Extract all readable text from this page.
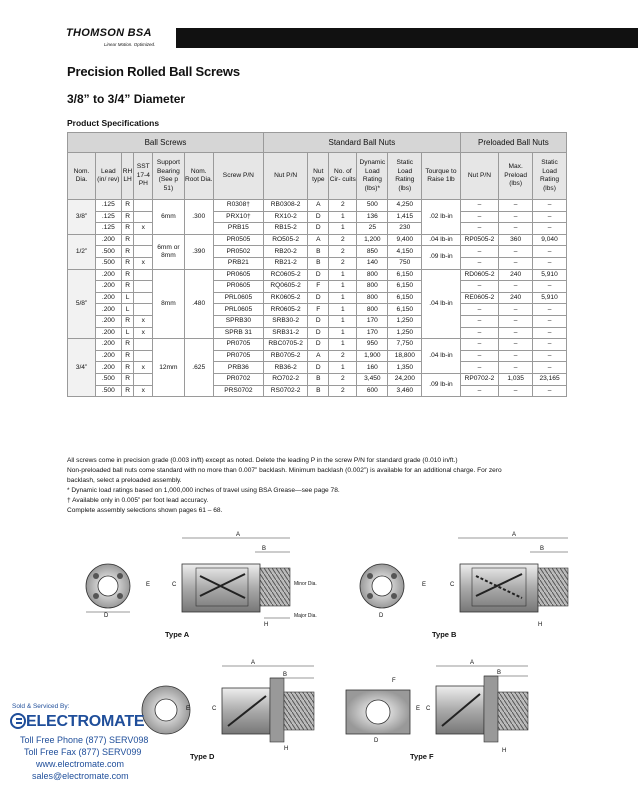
THOMSON BSA
Linear Motion. Optimized.
Precision Rolled Ball Screws
3/8” to 3/4” Diameter
Product Specifications
Ball Screws							Standard Ball Nuts						Preloaded Ball Nuts		
Nom. Dia.	Lead (in/ rev)	RH LH	SST 17-4 PH	Support Bearing (See p 51)	Nom. Root Dia.	Screw P/N	Nut P/N	Nut type	No. of Cir- cuits	Dynamic Load Rating (lbs)*	Static Load Rating (lbs)	Tourque to Raise 1lb	Nut P/N	Max. Preload (lbs)	Static Load Rating (lbs)
3/8”	.125	R		6mm	.300	R0308†	RB0308-2	A	2	500	4,250	.02 lb-in	–	–	–
	.125	R				PRX10†	RX10-2	D	1	136	1,415		–	–	–
	.125	R	x			PRB15	RB15-2	D	1	25	230		–	–	–
1/2”	.200	R		6mm or 8mm	.390	PR0505	RO505-2	A	2	1,200	9,400	.04 lb-in	RP0505-2	360	9,040
	.500	R				PR0502	RB20-2	B	2	850	4,150	.09 lb-in	–	–	–
	.500	R	x			PRB21	RB21-2	B	2	140	750		–	–	–
5/8”	.200	R		8mm	.480	PR0605	RC0605-2	D	1	800	6,150	.04 lb-in	RD0605-2	240	5,910
	.200	R				PR0605	RQ0605-2	F	1	800	6,150		–	–	–
	.200	L				PRL0605	RK0605-2	D	1	800	6,150		RE0605-2	240	5,910
	.200	L				PRL0605	RR0605-2	F	1	800	6,150		–	–	–
	.200	R	x			SPRB30	SRB30-2	D	1	170	1,250		–	–	–
	.200	L	x			SPRB 31	SRB31-2	D	1	170	1,250		–	–	–
3/4”	.200	R		12mm	.625	PR0705	RBC0705-2	D	1	950	7,750	.04 lb-in	–	–	–
	.200	R				PR0705	RB0705-2	A	2	1,900	18,800		–	–	–
	.200	R	x			PRB36	RB36-2	D	1	160	1,350		–	–	–
	.500	R				PR0702	RO702-2	B	2	3,450	24,200	.09 lb-in	RP0702-2	1,035	23,165
	.500	R	x			PRS0702	RS0702-2	B	2	600	3,460		–	–	–
All screws come in precision grade (0.003 in/ft) except as noted. Delete the leading P in the screw P/N for standard grade (0.010 in/ft.)
Non-preloaded ball nuts come standard with no more than 0.007” backlash. Minimum backlash (0.002”) is available for an additional charge. For zero
backlash, select a preloaded assembly.
* Dynamic load ratings based on 1,000,000 inches of travel using BSA Grease—see page 78.
† Available only in 0.005” per foot lead accuracy.
Complete assembly selections shown pages 61 – 68.
A
B
C
D
E
H
Minor Dia.
Major Dia.
Type A
A
B
C
D
E
H
Type B
A
B
C
E
H
Type D
F
A
B
C
D
E
H
Type F
Sold & Serviced By:
ELECTROMATE
Toll Free Phone (877) SERV098
Toll Free Fax (877) SERV099
www.electromate.com
sales@electromate.com
